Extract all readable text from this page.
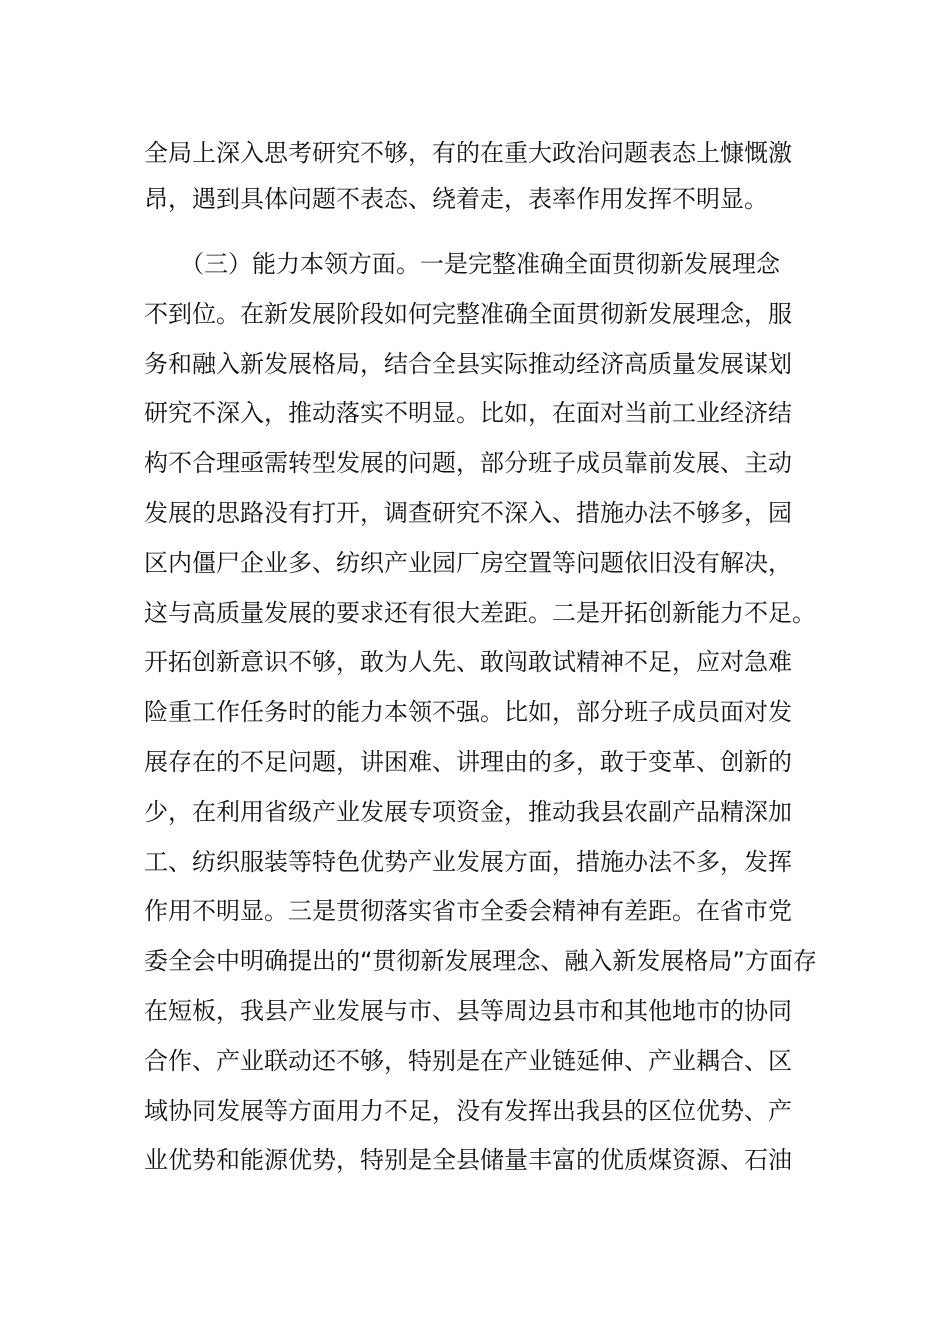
全局上深入思考研究不够，有的在重大政治问题表态上慷慨激
昂，遇到具体问题不表态、绕着走，表率作用发挥不明显。
　　（三）能力本领方面。一是完整准确全面贯彻新发展理念
不到位。在新发展阶段如何完整准确全面贯彻新发展理念，服
务和融入新发展格局，结合全县实际推动经济高质量发展谋划
研究不深入，推动落实不明显。比如，在面对当前工业经济结
构不合理亟需转型发展的问题，部分班子成员靠前发展、主动
发展的思路没有打开，调查研究不深入、措施办法不够多，园
区内僵尸企业多、纺织产业园厂房空置等问题依旧没有解决，
这与高质量发展的要求还有很大差距。二是开拓创新能力不足。
开拓创新意识不够，敢为人先、敢闯敢试精神不足，应对急难
险重工作任务时的能力本领不强。比如，部分班子成员面对发
展存在的不足问题，讲困难、讲理由的多，敢于变革、创新的
少，在利用省级产业发展专项资金，推动我县农副产品精深加
工、纺织服装等特色优势产业发展方面，措施办法不多，发挥
作用不明显。三是贯彻落实省市全委会精神有差距。在省市党
委全会中明确提出的“贯彻新发展理念、融入新发展格局”方面存
在短板，我县产业发展与市、县等周边县市和其他地市的协同
合作、产业联动还不够，特别是在产业链延伸、产业耦合、区
域协同发展等方面用力不足，没有发挥出我县的区位优势、产
业优势和能源优势，特别是全县储量丰富的优质煤资源、石油
